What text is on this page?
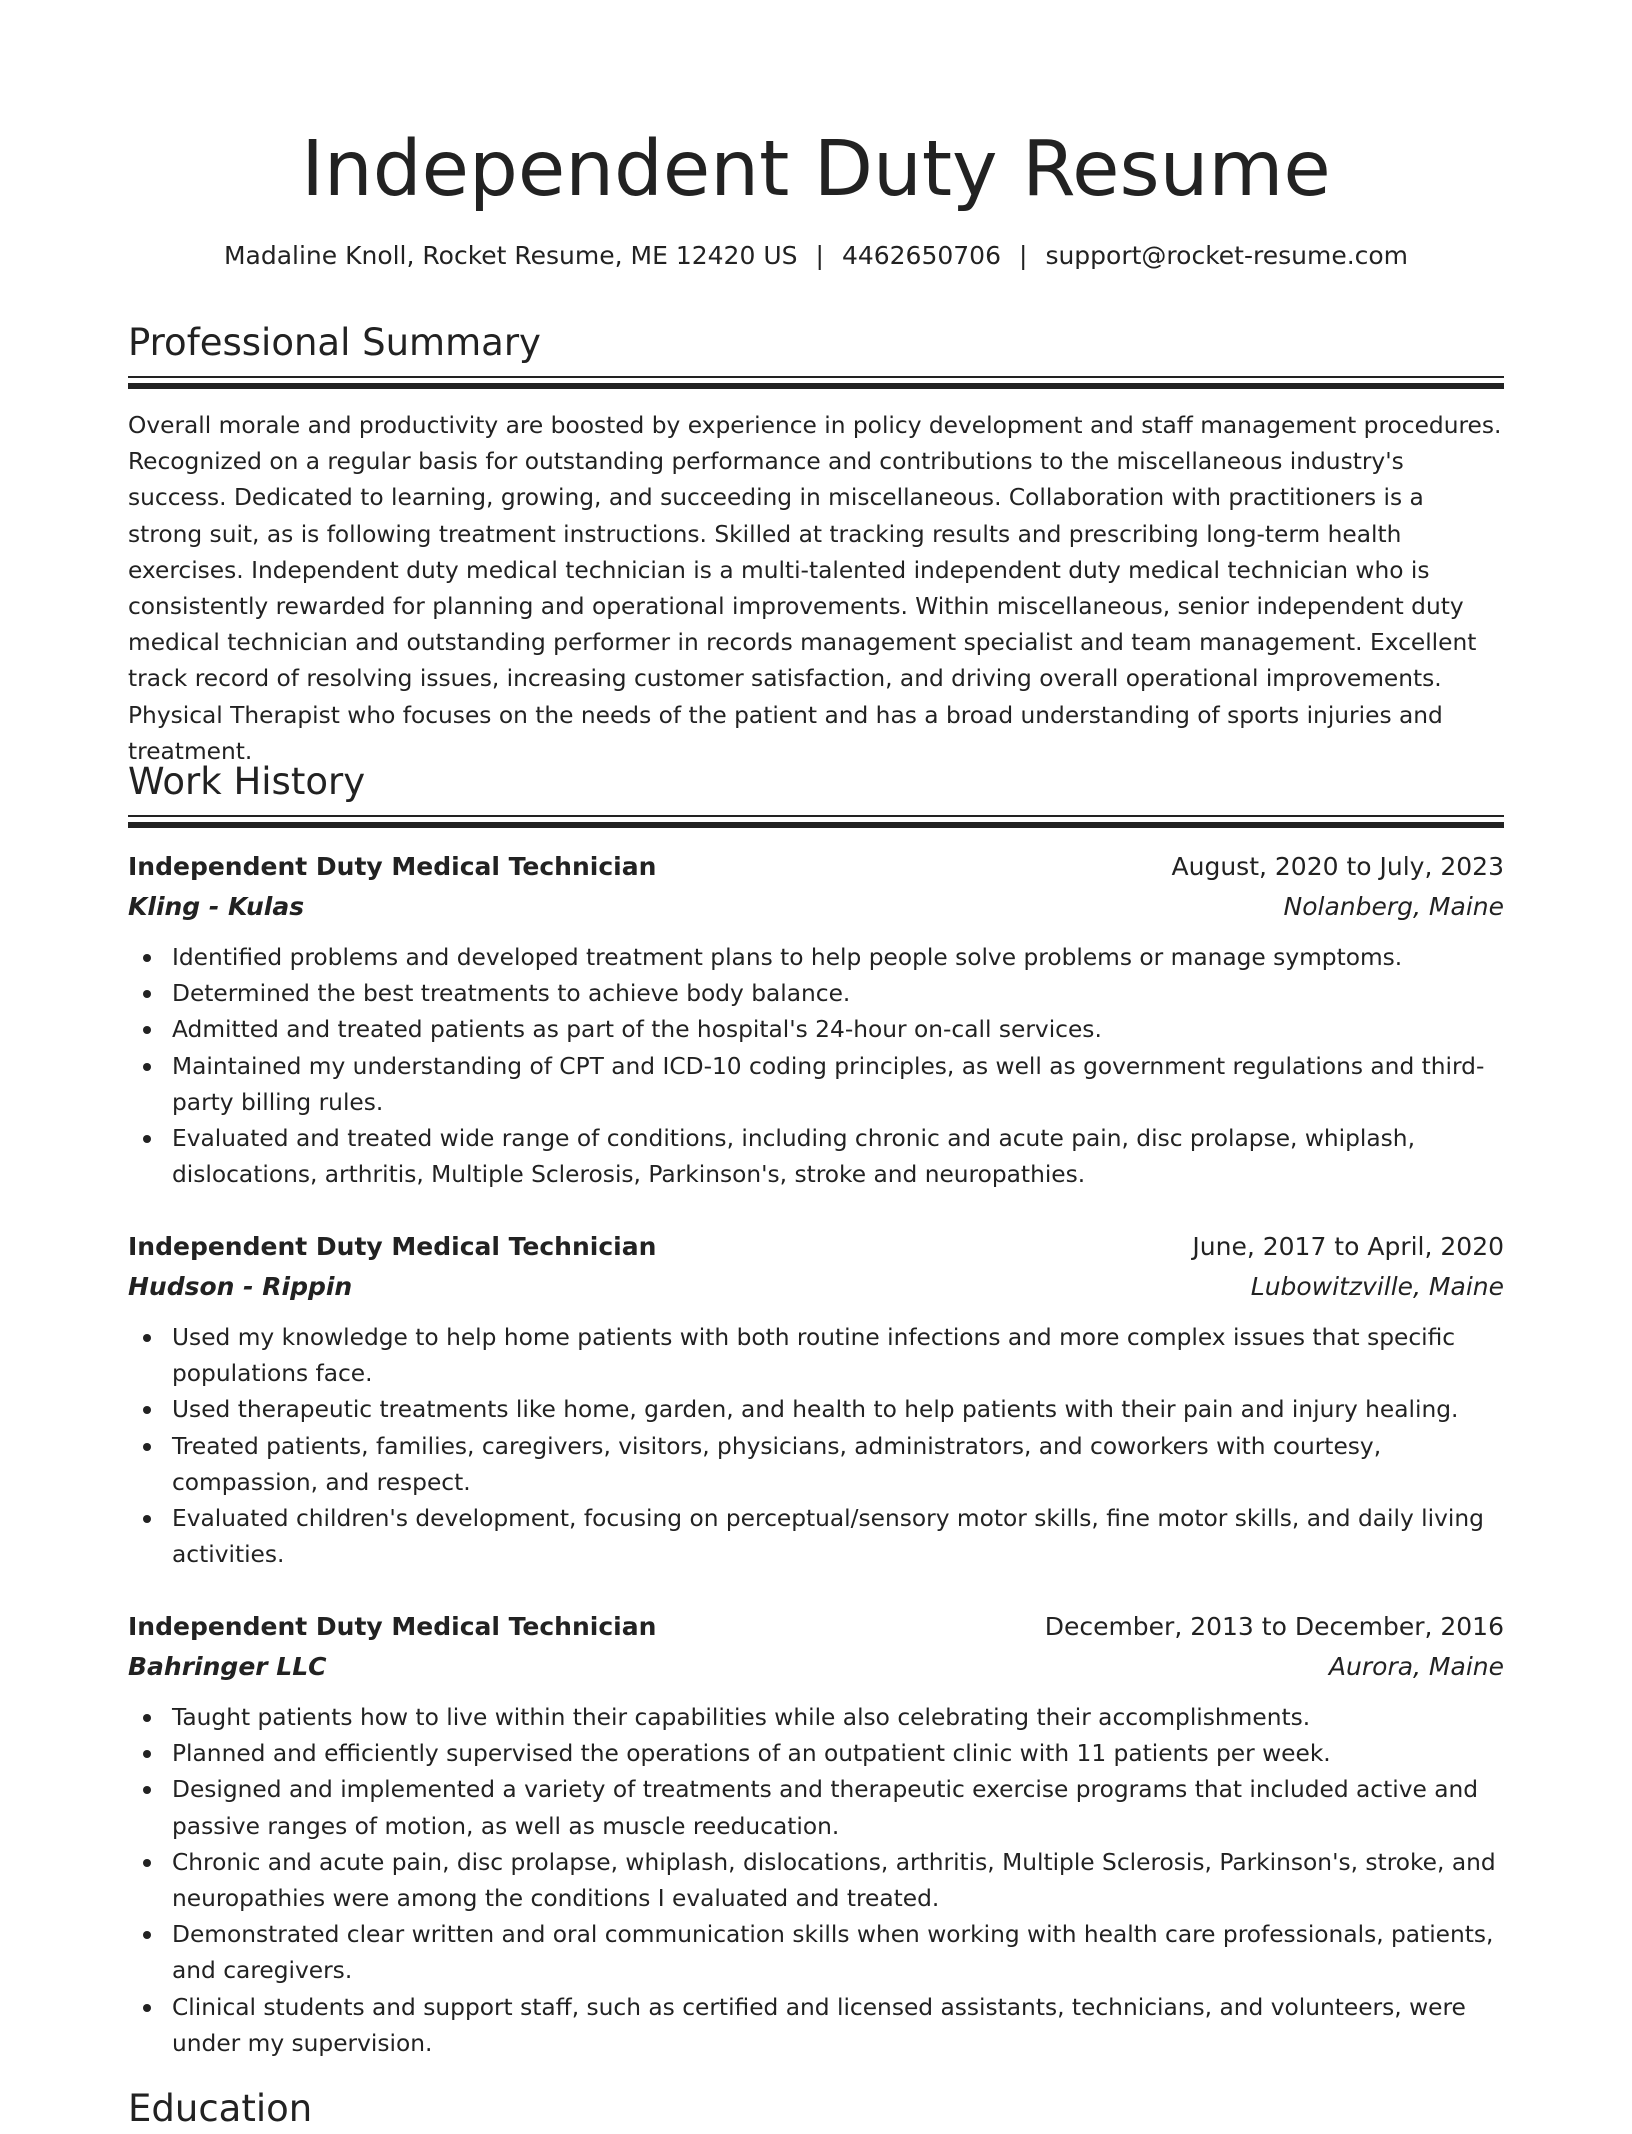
Independent Duty Resume
Madaline Knoll, Rocket Resume, ME 12420 US | 4462650706 | support@rocket-resume.com
Professional Summary

Overall morale and productivity are boosted by experience in policy development and staff management procedures. Recognized on a regular basis for outstanding performance and contributions to the miscellaneous industry's success. Dedicated to learning, growing, and succeeding in miscellaneous. Collaboration with practitioners is a strong suit, as is following treatment instructions. Skilled at tracking results and prescribing long-term health exercises. Independent duty medical technician is a multi-talented independent duty medical technician who is consistently rewarded for planning and operational improvements. Within miscellaneous, senior independent duty medical technician and outstanding performer in records management specialist and team management. Excellent track record of resolving issues, increasing customer satisfaction, and driving overall operational improvements. Physical Therapist who focuses on the needs of the patient and has a broad understanding of sports injuries and treatment.

Work History
Independent Duty Medical Technician	August, 2020 to July, 2023
Kling - Kulas	Nolanberg, Maine
Identified problems and developed treatment plans to help people solve problems or manage symptoms.
Determined the best treatments to achieve body balance.
Admitted and treated patients as part of the hospital's 24-hour on-call services.
Maintained my understanding of CPT and ICD-10 coding principles, as well as government regulations and third-party billing rules.
Evaluated and treated wide range of conditions, including chronic and acute pain, disc prolapse, whiplash, dislocations, arthritis, Multiple Sclerosis, Parkinson's, stroke and neuropathies.
Independent Duty Medical Technician	June, 2017 to April, 2020
Hudson - Rippin	Lubowitzville, Maine
Used my knowledge to help home patients with both routine infections and more complex issues that specific populations face.
Used therapeutic treatments like home, garden, and health to help patients with their pain and injury healing.
Treated patients, families, caregivers, visitors, physicians, administrators, and coworkers with courtesy, compassion, and respect.
Evaluated children's development, focusing on perceptual/sensory motor skills, fine motor skills, and daily living activities.
Independent Duty Medical Technician	December, 2013 to December, 2016
Bahringer LLC	Aurora, Maine
Taught patients how to live within their capabilities while also celebrating their accomplishments.
Planned and efficiently supervised the operations of an outpatient clinic with 11 patients per week.
Designed and implemented a variety of treatments and therapeutic exercise programs that included active and passive ranges of motion, as well as muscle reeducation.
Chronic and acute pain, disc prolapse, whiplash, dislocations, arthritis, Multiple Sclerosis, Parkinson's, stroke, and neuropathies were among the conditions I evaluated and treated.
Demonstrated clear written and oral communication skills when working with health care professionals, patients, and caregivers.
Clinical students and support staff, such as certified and licensed assistants, technicians, and volunteers, were under my supervision.
Education
